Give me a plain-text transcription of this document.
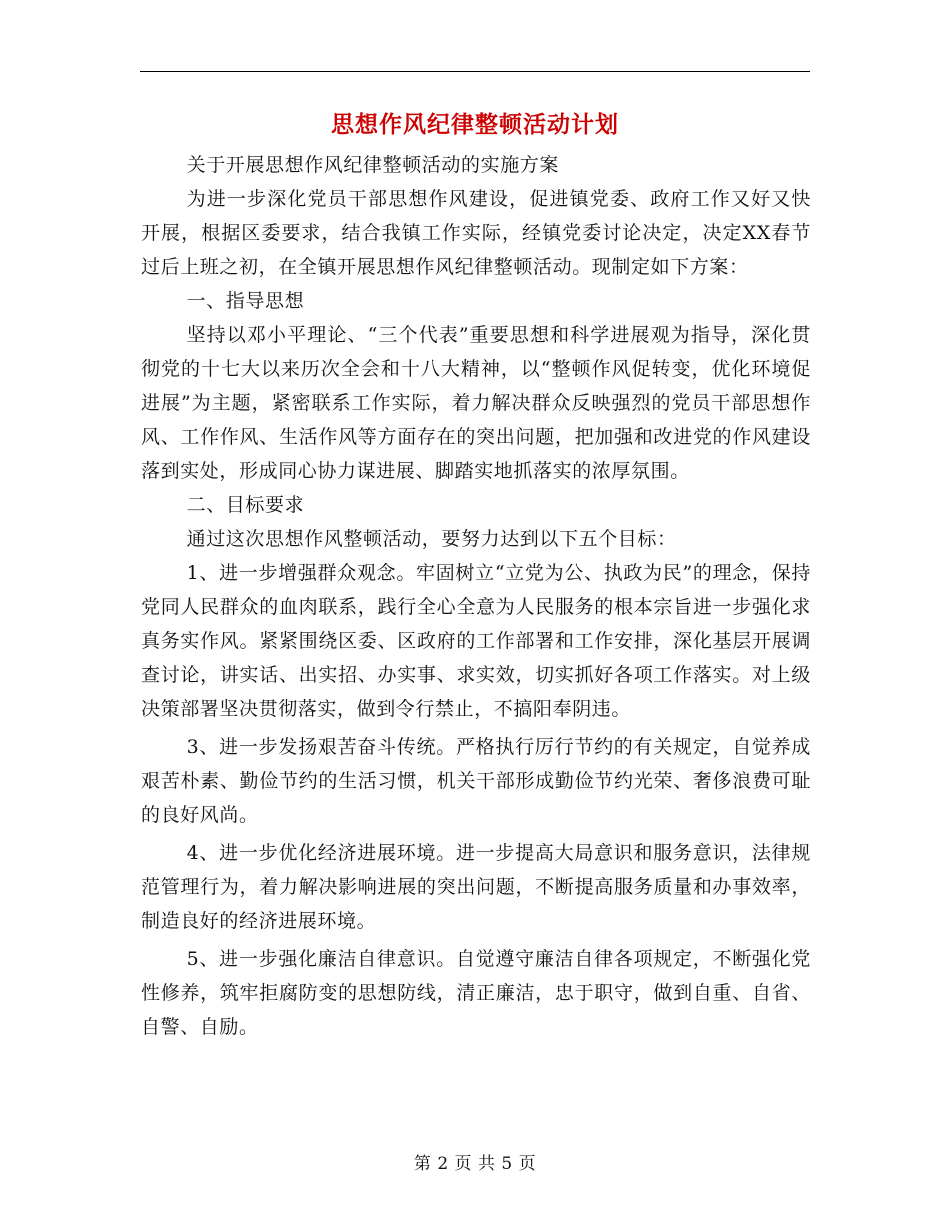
思想作风纪律整顿活动计划

关于开展思想作风纪律整顿活动的实施方案

为进一步深化党员干部思想作风建设，促进镇党委、政府工作又好又快开展，根据区委要求，结合我镇工作实际，经镇党委讨论决定，决定XX春节过后上班之初，在全镇开展思想作风纪律整顿活动。现制定如下方案：

一、指导思想

坚持以邓小平理论、“三个代表”重要思想和科学进展观为指导，深化贯彻党的十七大以来历次全会和十八大精神，以“整顿作风促转变，优化环境促进展”为主题，紧密联系工作实际，着力解决群众反映强烈的党员干部思想作风、工作作风、生活作风等方面存在的突出问题，把加强和改进党的作风建设落到实处，形成同心协力谋进展、脚踏实地抓落实的浓厚氛围。

二、目标要求

通过这次思想作风整顿活动，要努力达到以下五个目标：

1、进一步增强群众观念。牢固树立“立党为公、执政为民”的理念，保持党同人民群众的血肉联系，践行全心全意为人民服务的根本宗旨进一步强化求真务实作风。紧紧围绕区委、区政府的工作部署和工作安排，深化基层开展调查讨论，讲实话、出实招、办实事、求实效，切实抓好各项工作落实。对上级决策部署坚决贯彻落实，做到令行禁止，不搞阳奉阴违。

3、进一步发扬艰苦奋斗传统。严格执行厉行节约的有关规定，自觉养成艰苦朴素、勤俭节约的生活习惯，机关干部形成勤俭节约光荣、奢侈浪费可耻的良好风尚。

4、进一步优化经济进展环境。进一步提高大局意识和服务意识，法律规范管理行为，着力解决影响进展的突出问题，不断提高服务质量和办事效率，制造良好的经济进展环境。

5、进一步强化廉洁自律意识。自觉遵守廉洁自律各项规定，不断强化党性修养，筑牢拒腐防变的思想防线，清正廉洁，忠于职守，做到自重、自省、自警、自励。

第 2 页 共 5 页
